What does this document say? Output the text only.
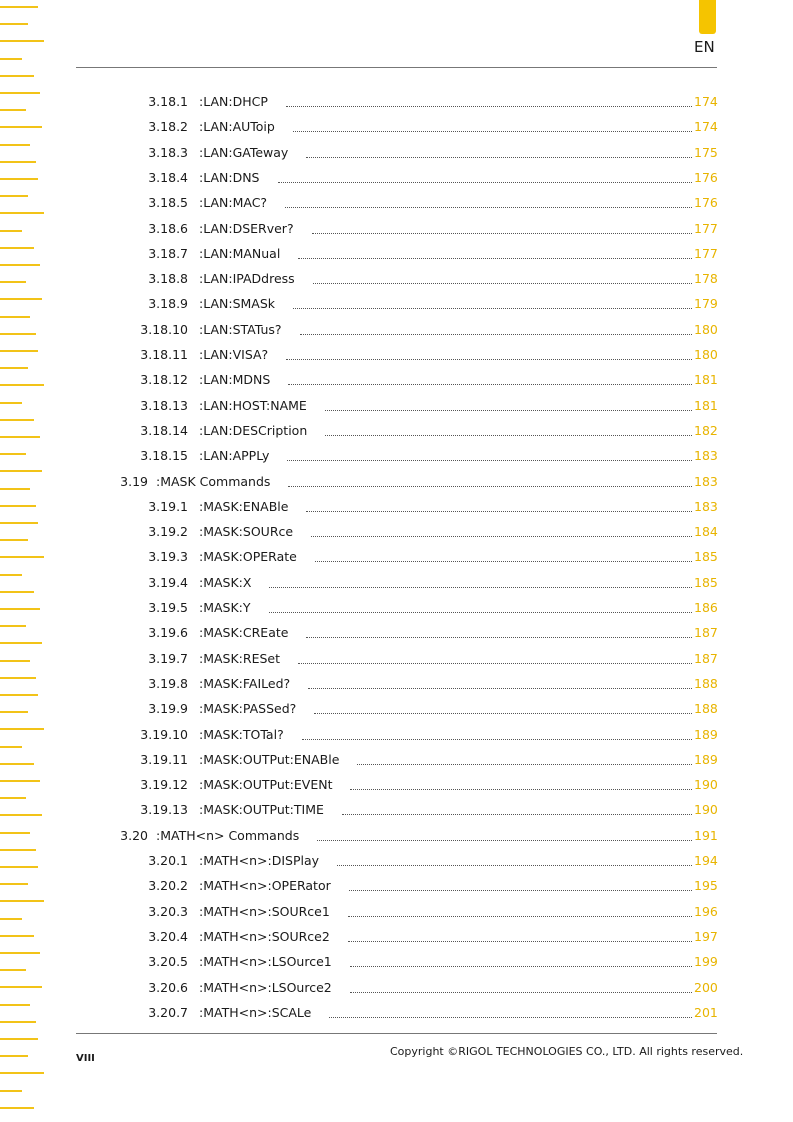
EN
3.18.1 :LAN:DHCP	174
3.18.2 :LAN:AUToip	174
3.18.3 :LAN:GATeway	175
3.18.4 :LAN:DNS	176
3.18.5 :LAN:MAC?	176
3.18.6 :LAN:DSERver?	177
3.18.7 :LAN:MANual	177
3.18.8 :LAN:IPADdress	178
3.18.9 :LAN:SMASk	179
3.18.10 :LAN:STATus?	180
3.18.11 :LAN:VISA?	180
3.18.12 :LAN:MDNS	181
3.18.13 :LAN:HOST:NAME	181
3.18.14 :LAN:DESCription	182
3.18.15 :LAN:APPLy	183
3.19 :MASK Commands	183
3.19.1 :MASK:ENABle	183
3.19.2 :MASK:SOURce	184
3.19.3 :MASK:OPERate	185
3.19.4 :MASK:X	185
3.19.5 :MASK:Y	186
3.19.6 :MASK:CREate	187
3.19.7 :MASK:RESet	187
3.19.8 :MASK:FAILed?	188
3.19.9 :MASK:PASSed?	188
3.19.10 :MASK:TOTal?	189
3.19.11 :MASK:OUTPut:ENABle	189
3.19.12 :MASK:OUTPut:EVENt	190
3.19.13 :MASK:OUTPut:TIME	190
3.20 :MATH<n> Commands	191
3.20.1 :MATH<n>:DISPlay	194
3.20.2 :MATH<n>:OPERator	195
3.20.3 :MATH<n>:SOURce1	196
3.20.4 :MATH<n>:SOURce2	197
3.20.5 :MATH<n>:LSOurce1	199
3.20.6 :MATH<n>:LSOurce2	200
3.20.7 :MATH<n>:SCALe	201
VIII
Copyright ©RIGOL TECHNOLOGIES CO., LTD. All rights reserved.
